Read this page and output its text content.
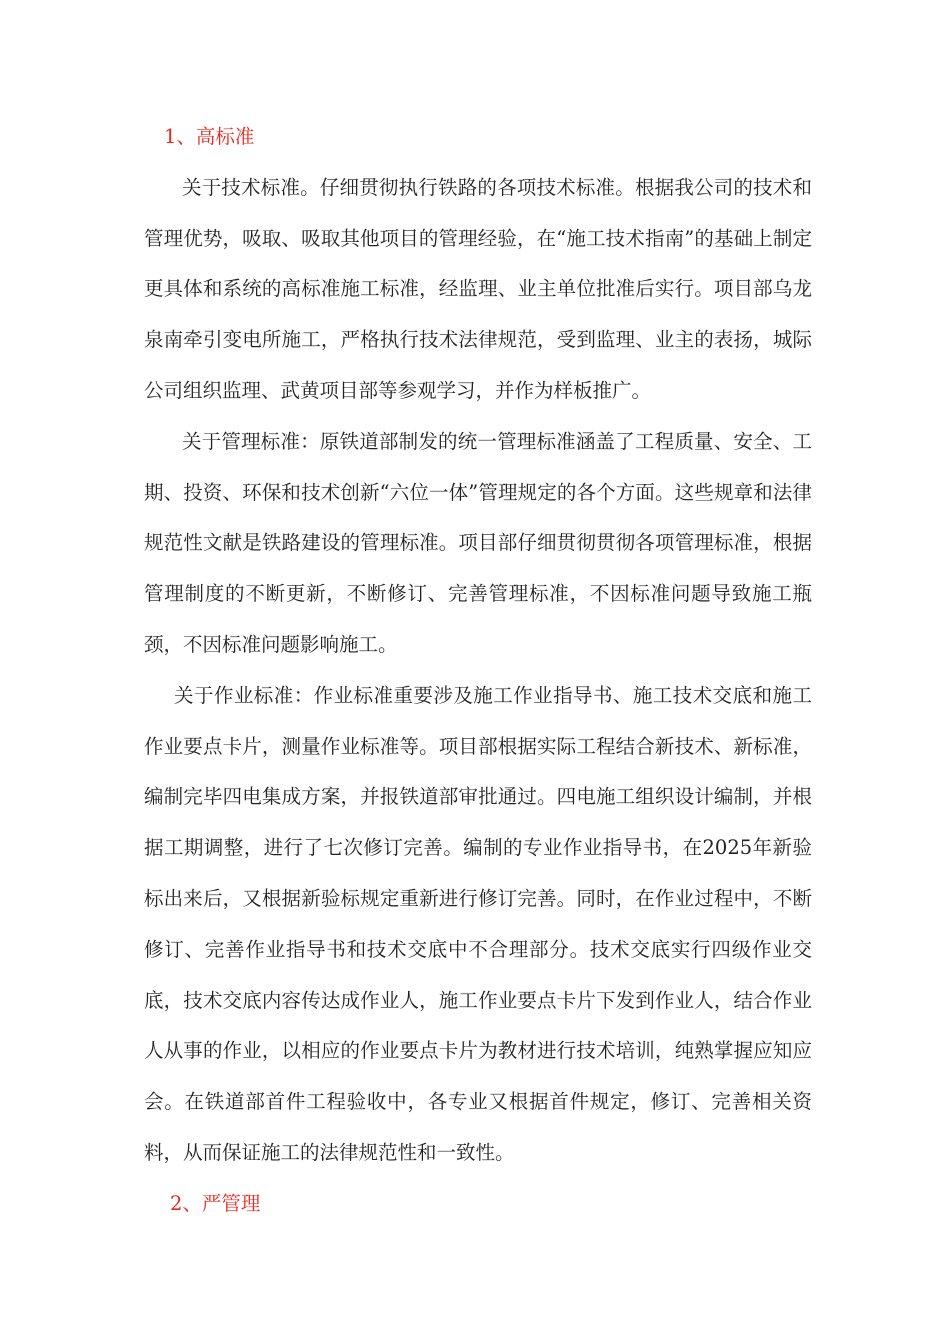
1、高标准

关于技术标准。仔细贯彻执行铁路的各项技术标准。根据我公司的技术和管理优势，吸取、吸取其他项目的管理经验，在“施工技术指南”的基础上制定更具体和系统的高标准施工标准，经监理、业主单位批准后实行。项目部乌龙泉南牵引变电所施工，严格执行技术法律规范，受到监理、业主的表扬，城际公司组织监理、武黄项目部等参观学习，并作为样板推广。

关于管理标准：原铁道部制发的统一管理标准涵盖了工程质量、安全、工期、投资、环保和技术创新“六位一体”管理规定的各个方面。这些规章和法律规范性文献是铁路建设的管理标准。项目部仔细贯彻贯彻各项管理标准，根据管理制度的不断更新，不断修订、完善管理标准，不因标准问题导致施工瓶颈，不因标准问题影响施工。

关于作业标准：作业标准重要涉及施工作业指导书、施工技术交底和施工作业要点卡片，测量作业标准等。项目部根据实际工程结合新技术、新标准，编制完毕四电集成方案，并报铁道部审批通过。四电施工组织设计编制，并根据工期调整，进行了七次修订完善。编制的专业作业指导书，在2025年新验标出来后，又根据新验标规定重新进行修订完善。同时，在作业过程中，不断修订、完善作业指导书和技术交底中不合理部分。技术交底实行四级作业交底，技术交底内容传达成作业人，施工作业要点卡片下发到作业人，结合作业人从事的作业，以相应的作业要点卡片为教材进行技术培训，纯熟掌握应知应会。在铁道部首件工程验收中，各专业又根据首件规定，修订、完善相关资料，从而保证施工的法律规范性和一致性。

2、严管理
